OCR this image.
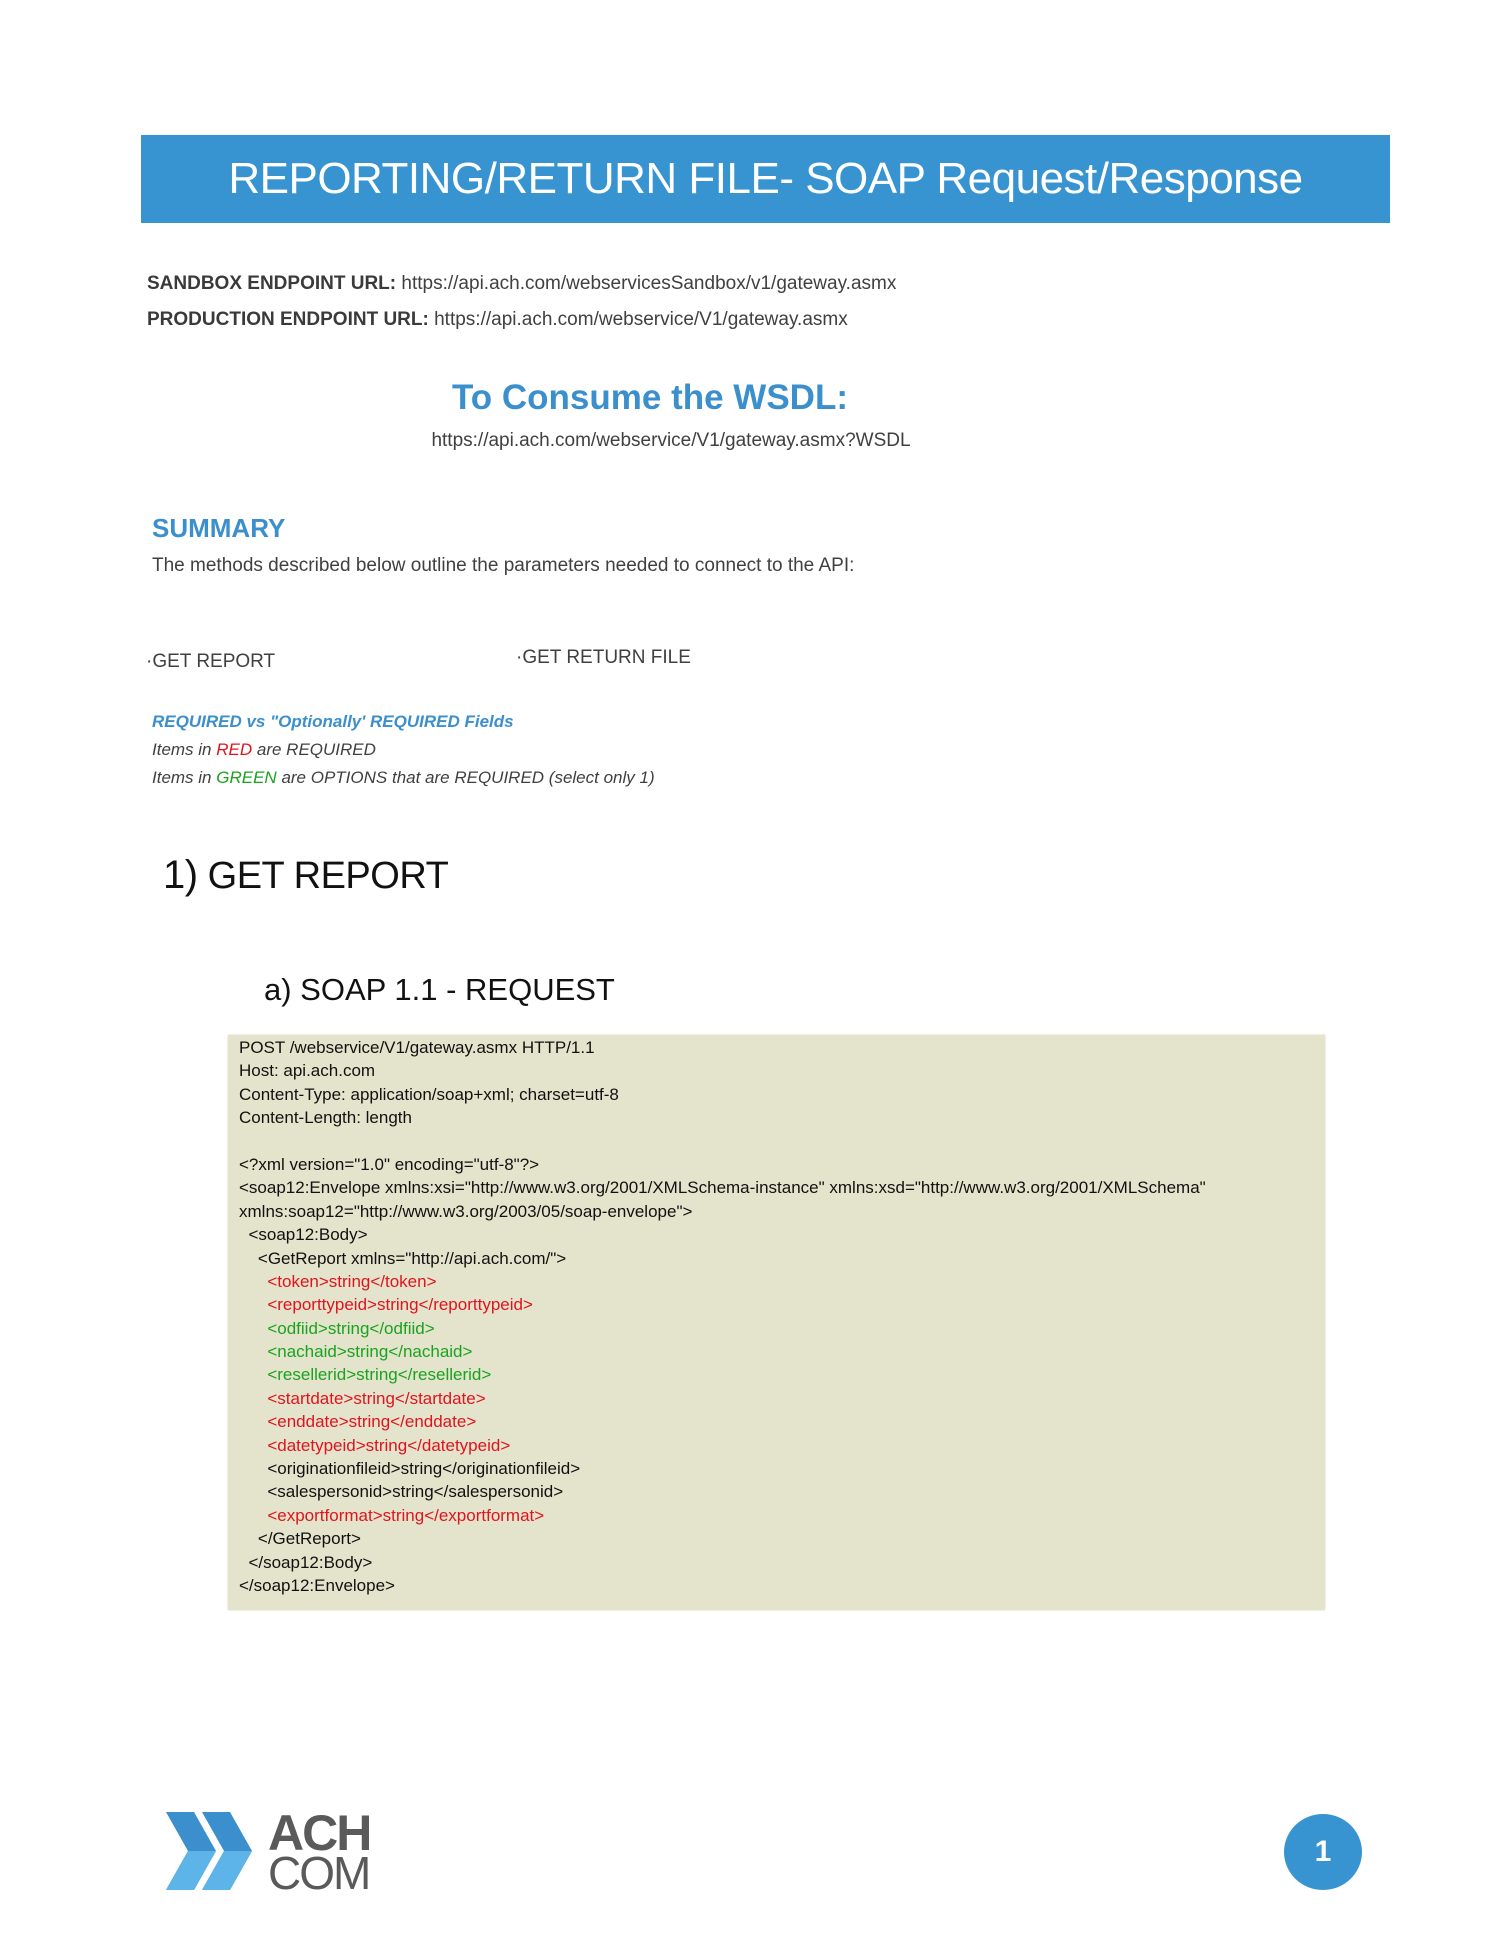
REPORTING/RETURN FILE- SOAP Request/Response
SANDBOX ENDPOINT URL: https://api.ach.com/webservicesSandbox/v1/gateway.asmx
PRODUCTION ENDPOINT URL: https://api.ach.com/webservice/V1/gateway.asmx
To Consume the WSDL:
https://api.ach.com/webservice/V1/gateway.asmx?WSDL
SUMMARY
The methods described below outline the parameters needed to connect to the API:
·GET REPORT	·GET RETURN FILE
REQUIRED vs "Optionally' REQUIRED Fields
Items in RED are REQUIRED
Items in GREEN are OPTIONS that are REQUIRED (select only 1)
1) GET REPORT
a) SOAP 1.1 - REQUEST
POST /webservice/V1/gateway.asmx HTTP/1.1
Host: api.ach.com
Content-Type: application/soap+xml; charset=utf-8
Content-Length: length
<?xml version="1.0" encoding="utf-8"?>
<soap12:Envelope xmlns:xsi="http://www.w3.org/2001/XMLSchema-instance" xmlns:xsd="http://www.w3.org/2001/XMLSchema"
xmlns:soap12="http://www.w3.org/2003/05/soap-envelope">
<soap12:Body>
<GetReport xmlns="http://api.ach.com/">
<token>string</token>
<reporttypeid>string</reporttypeid>
<odfiid>string</odfiid>
<nachaid>string</nachaid>
<resellerid>string</resellerid>
<startdate>string</startdate>
<enddate>string</enddate>
<datetypeid>string</datetypeid>
<originationfileid>string</originationfileid>
<salespersonid>string</salespersonid>
<exportformat>string</exportformat>
</GetReport>
</soap12:Body>
</soap12:Envelope>
ACH
COM	1
